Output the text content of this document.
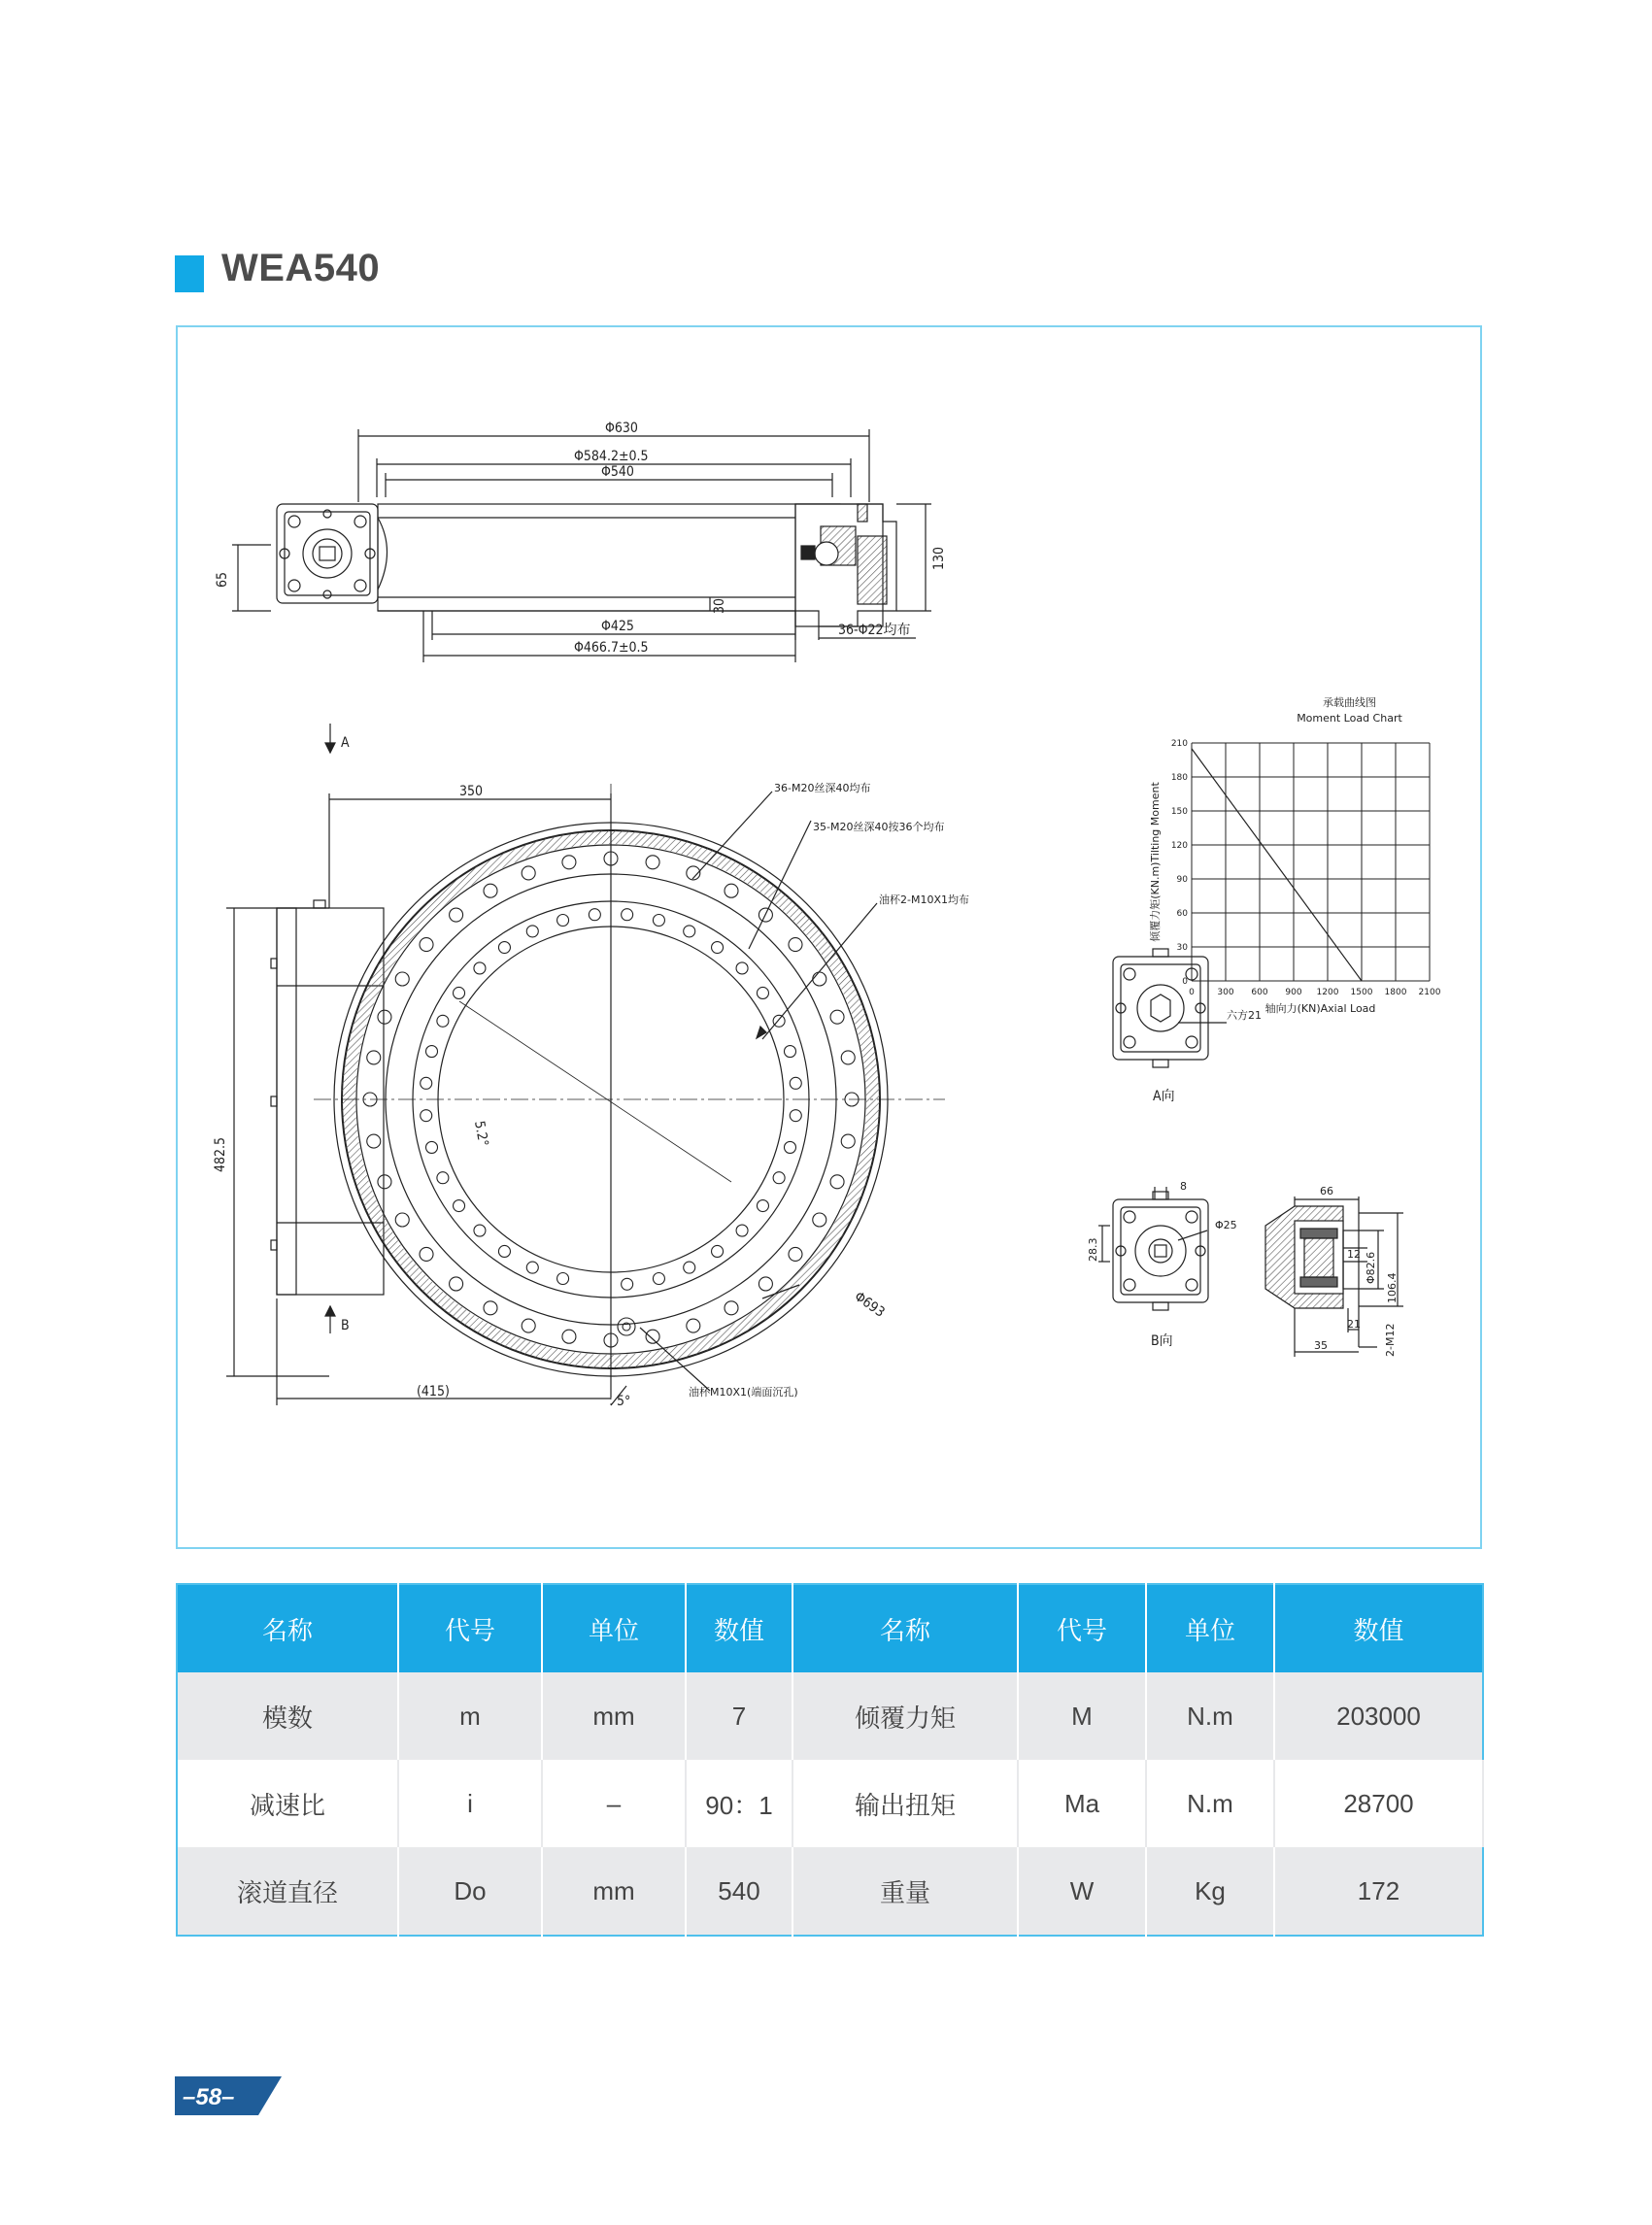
WEA540
Φ630
Φ584.2±0.5
Φ540
Φ425
Φ466.7±0.5
65
130
30
36-Φ22均布
350
482.5
(415)
A
B
36-M20丝深40均布
35-M20丝深40按36个均布
油杯2-M10X1均布
油杯M10X1(端面沉孔)
Φ693
5°
5.2°
0
30
60
90
120
150
180
210
0	300 600 900 1200 1500 1800 2100
承载曲线图
Moment Load Chart
轴向力(KN)Axial Load
倾覆力矩(KN.m)Tilting Moment
六方21
A向
8
Φ25
28.3
B向
66
106.4
Φ82.6
12
21
35	2-M12
名称	代号	单位	数值	名称	代号	单位	数值
模数	m	mm	7	倾覆力矩	M	N.m	203000
减速比	i	–	90：1	输出扭矩	Ma	N.m	28700
滚道直径	Do	mm	540	重量	W	Kg	172
–58–
